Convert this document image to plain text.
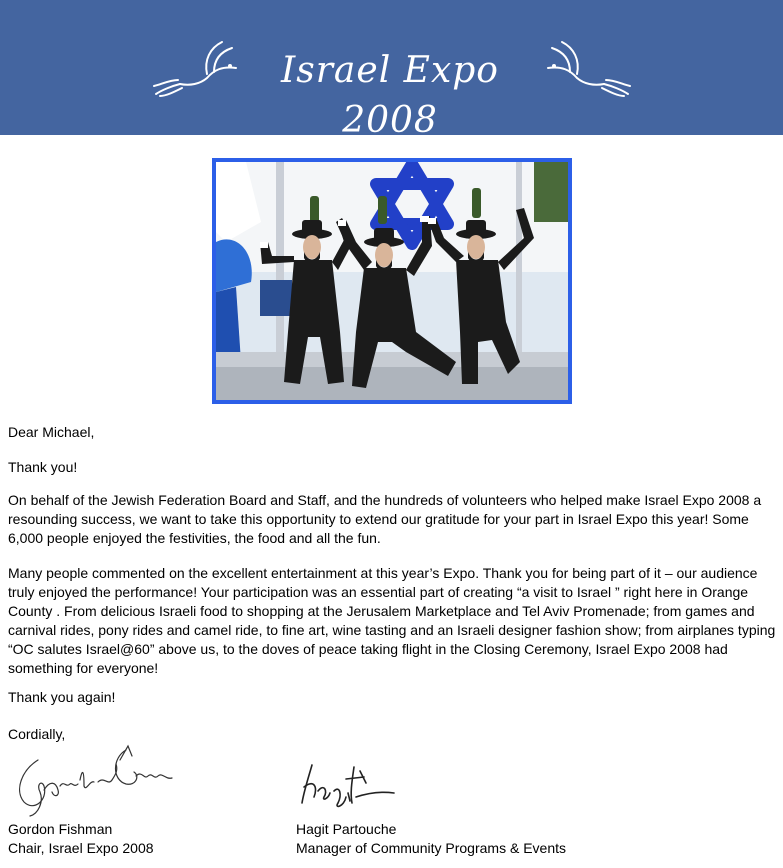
Israel Expo 2008
Dear Michael,
Thank you!
On behalf of the Jewish Federation Board and Staff, and the hundreds of volunteers who helped make Israel Expo 2008 a resounding success, we want to take this opportunity to extend our gratitude for your part in Israel Expo this year! Some 6,000 people enjoyed the festivities, the food and all the fun.
Many people commented on the excellent entertainment at this year’s Expo. Thank you for being part of it – our audience truly enjoyed the performance! Your participation was an essential part of creating “a visit to Israel ” right here in Orange County . From delicious Israeli food to shopping at the Jerusalem Marketplace and Tel Aviv Promenade; from games and carnival rides, pony rides and camel ride, to fine art, wine tasting and an Israeli designer fashion show; from airplanes typing “OC salutes Israel@60” above us, to the doves of peace taking flight in the Closing Ceremony, Israel Expo 2008 had something for everyone!
Thank you again!
Cordially,
Gordon Fishman
Chair, Israel Expo 2008
Hagit Partouche
Manager of Community Programs & Events
